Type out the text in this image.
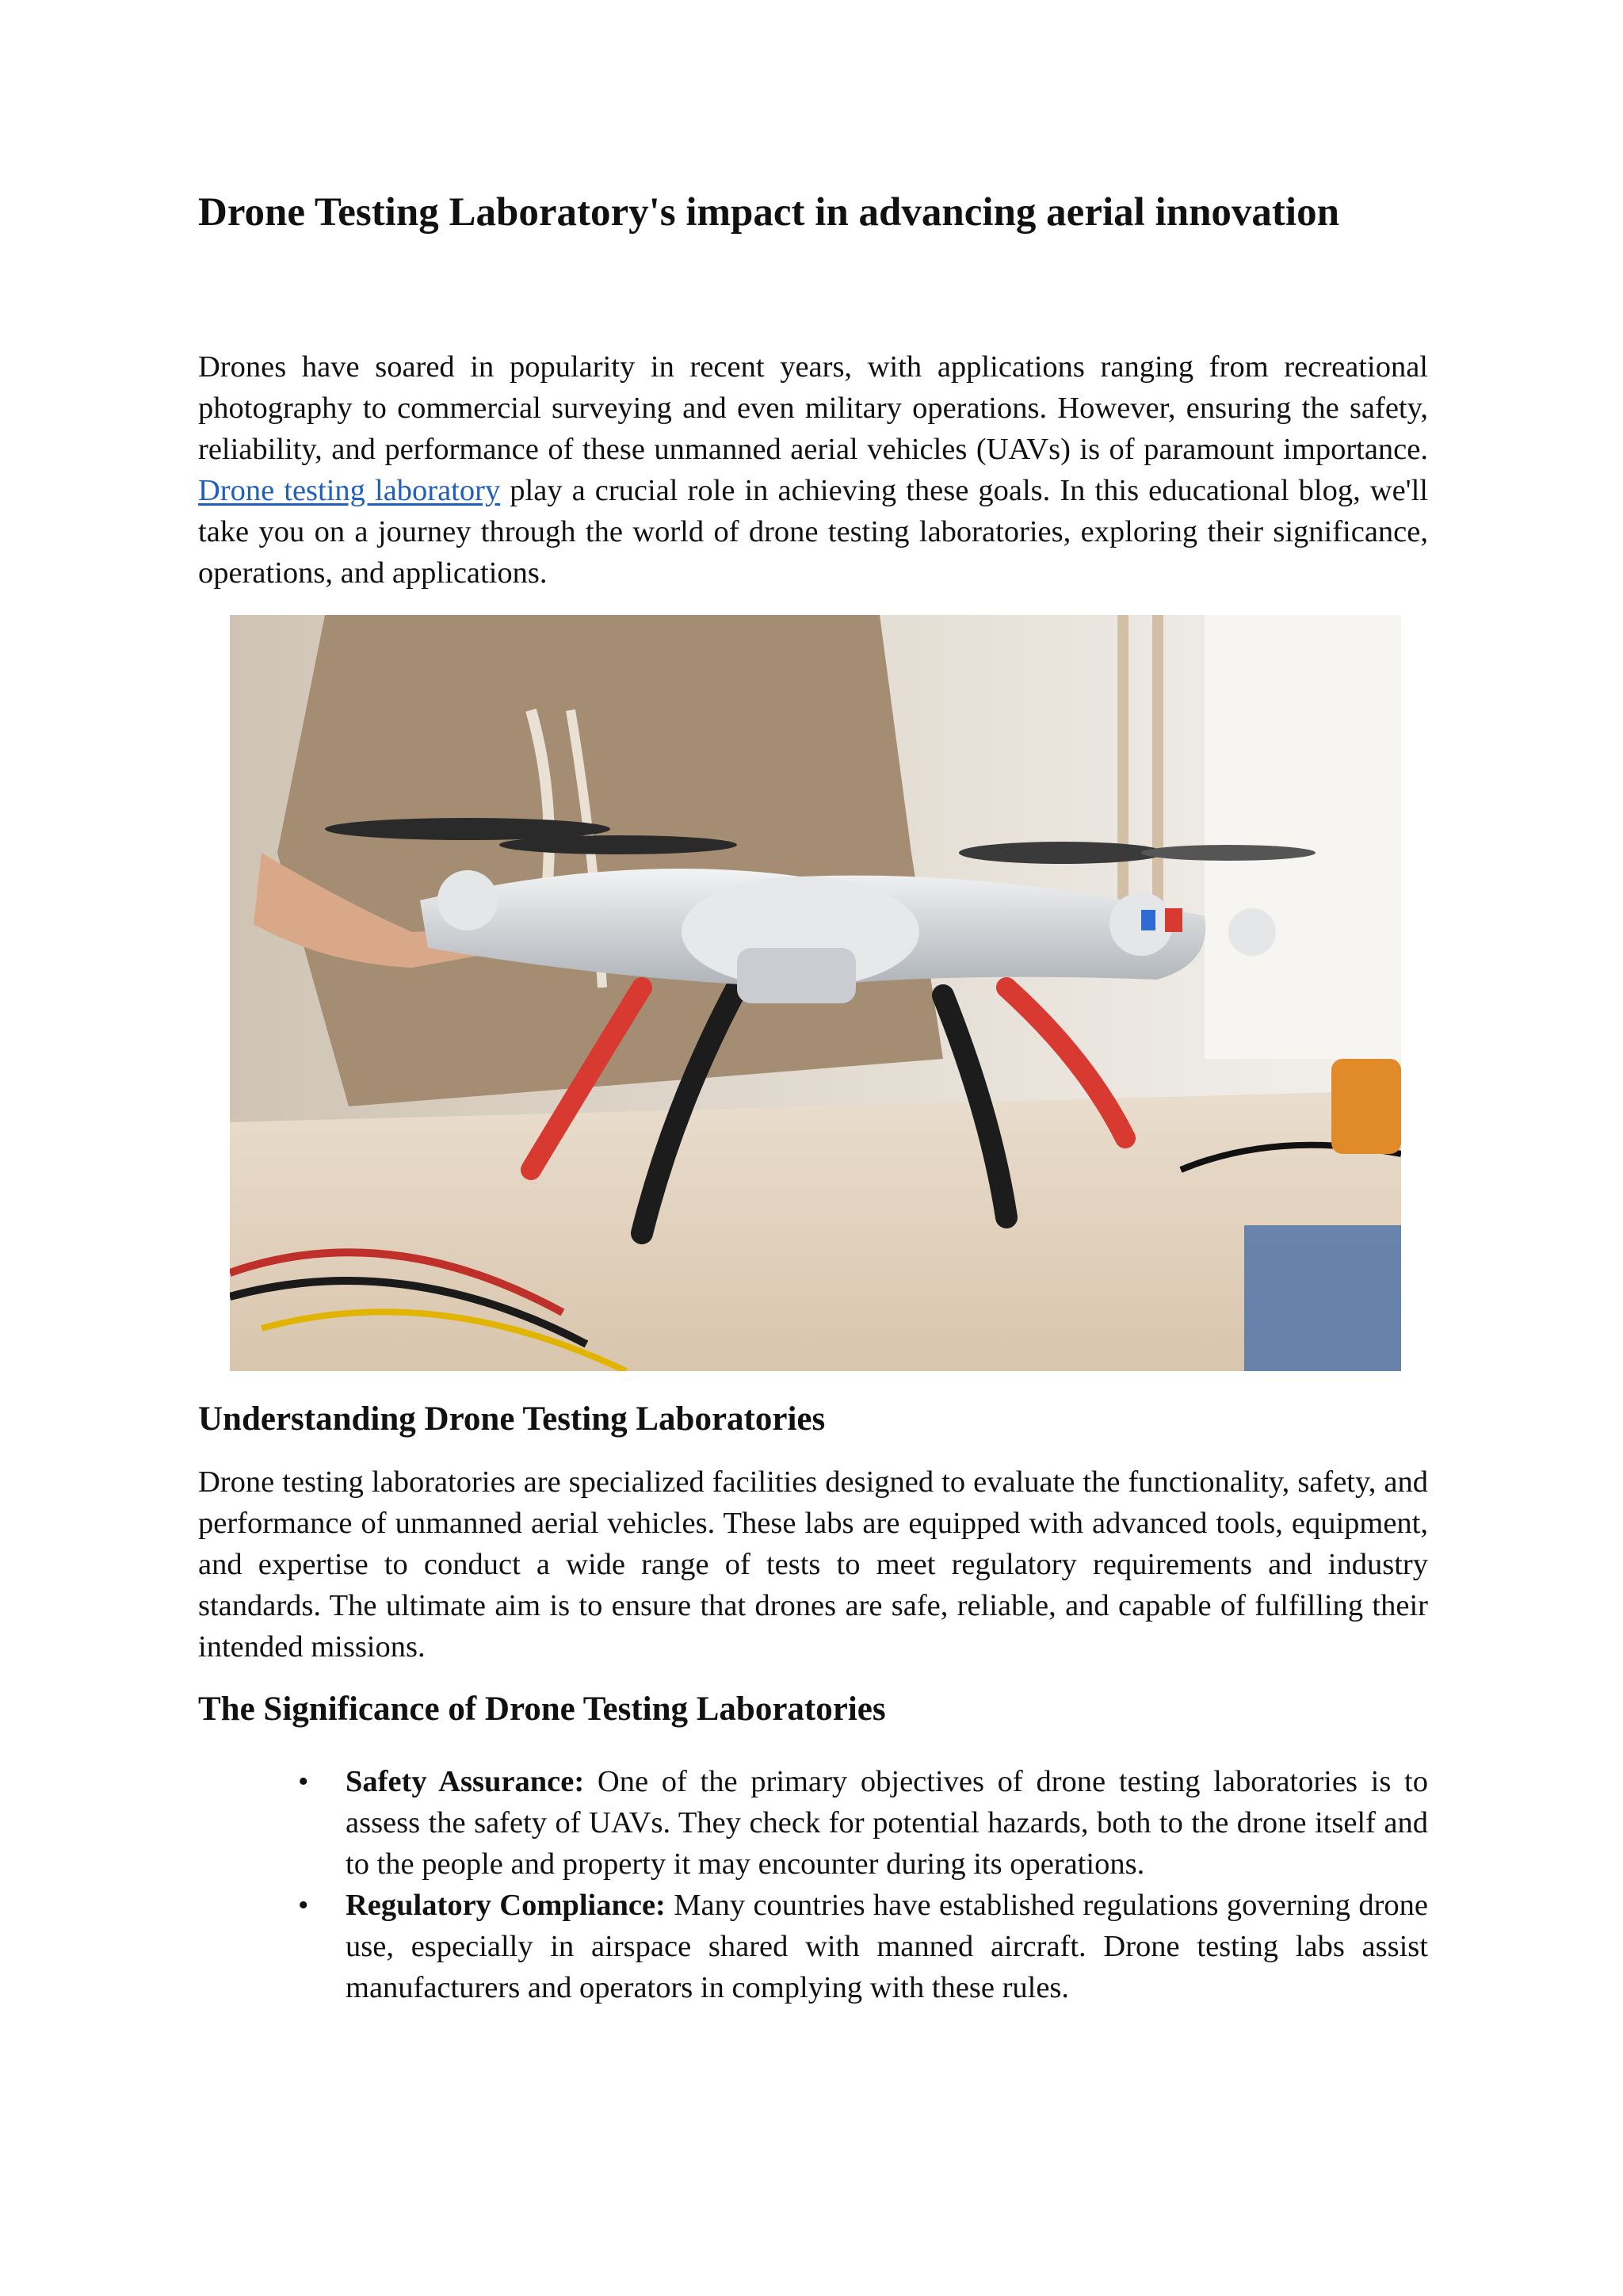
Drone Testing Laboratory's impact in advancing aerial innovation

Drones have soared in popularity in recent years, with applications ranging from recreational photography to commercial surveying and even military operations. However, ensuring the safety, reliability, and performance of these unmanned aerial vehicles (UAVs) is of paramount importance. Drone testing laboratory play a crucial role in achieving these goals. In this educational blog, we'll take you on a journey through the world of drone testing laboratories, exploring their significance, operations, and applications.

Understanding Drone Testing Laboratories

Drone testing laboratories are specialized facilities designed to evaluate the functionality, safety, and performance of unmanned aerial vehicles. These labs are equipped with advanced tools, equipment, and expertise to conduct a wide range of tests to meet regulatory requirements and industry standards. The ultimate aim is to ensure that drones are safe, reliable, and capable of fulfilling their intended missions.

The Significance of Drone Testing Laboratories
• Safety Assurance: One of the primary objectives of drone testing laboratories is to assess the safety of UAVs. They check for potential hazards, both to the drone itself and to the people and property it may encounter during its operations.
• Regulatory Compliance: Many countries have established regulations governing drone use, especially in airspace shared with manned aircraft. Drone testing labs assist manufacturers and operators in complying with these rules.
